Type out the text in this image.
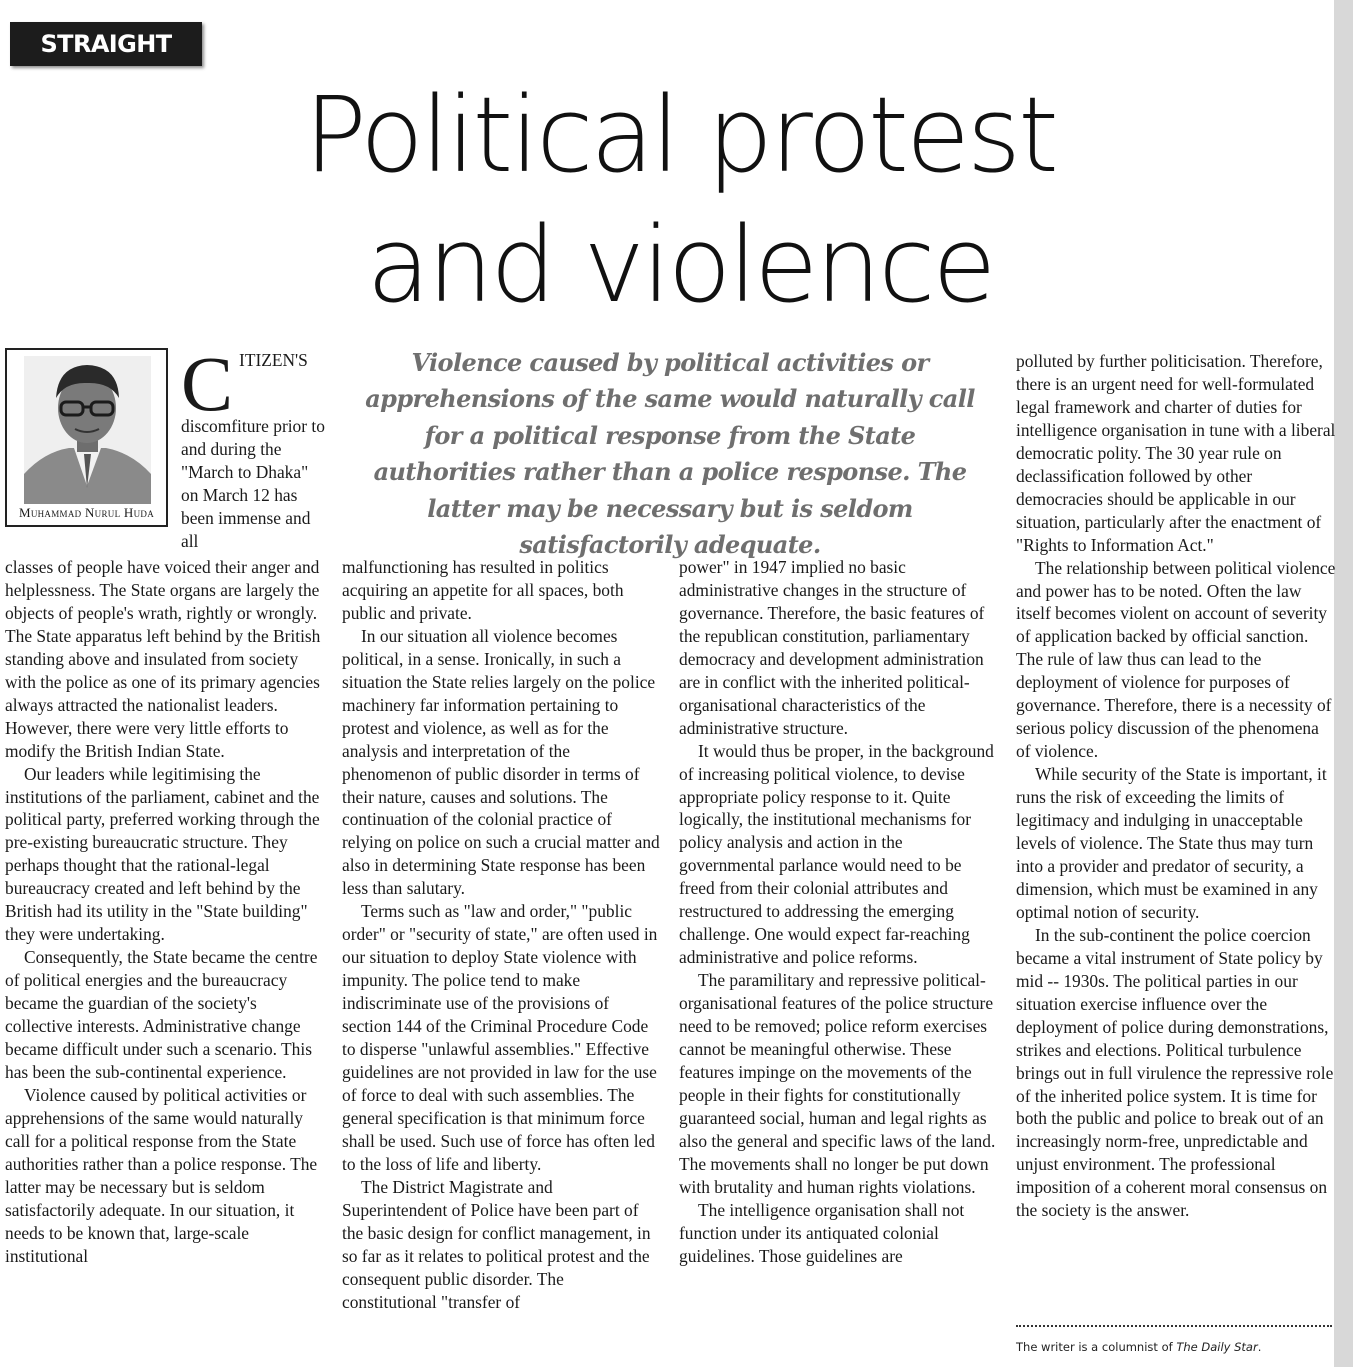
STRAIGHT LINE	Political protest
and violence
Muhammad Nurul Huda
C ITIZEN'S discomfiture prior to and during the "March to Dhaka" on March 12 has been immense and all

Violence caused by political activities or apprehensions of the same would naturally call for a political response from the State authorities rather than a police response. The latter may be necessary but is seldom satisfactorily adequate.

classes of people have voiced their anger and helplessness. The State organs are largely the objects of people's wrath, rightly or wrongly. The State apparatus left behind by the British standing above and insulated from society with the police as one of its primary agencies always attracted the nationalist leaders. However, there were very little efforts to modify the British Indian State.

Our leaders while legitimising the institutions of the parliament, cabinet and the political party, preferred working through the pre-existing bureaucratic structure. They perhaps thought that the rational-legal bureaucracy created and left behind by the British had its utility in the "State building" they were undertaking.

Consequently, the State became the centre of political energies and the bureaucracy became the guardian of the society's collective interests. Administrative change became difficult under such a scenario. This has been the sub-continental experience.

Violence caused by political activities or apprehensions of the same would naturally call for a political response from the State authorities rather than a police response. The latter may be necessary but is seldom satisfactorily adequate. In our situation, it needs to be known that, large-scale institutional

malfunctioning has resulted in politics acquiring an appetite for all spaces, both public and private.

In our situation all violence becomes political, in a sense. Ironically, in such a situation the State relies largely on the police machinery far information pertaining to protest and violence, as well as for the analysis and interpretation of the phenomenon of public disorder in terms of their nature, causes and solutions. The continuation of the colonial practice of relying on police on such a crucial matter and also in determining State response has been less than salutary.

Terms such as "law and order," "public order" or "security of state," are often used in our situation to deploy State violence with impunity. The police tend to make indiscriminate use of the provisions of section 144 of the Criminal Procedure Code to disperse "unlawful assemblies." Effective guidelines are not provided in law for the use of force to deal with such assemblies. The general specification is that minimum force shall be used. Such use of force has often led to the loss of life and liberty.

The District Magistrate and Superintendent of Police have been part of the basic design for conflict management, in so far as it relates to political protest and the consequent public disorder. The constitutional "transfer of

power" in 1947 implied no basic administrative changes in the structure of governance. Therefore, the basic features of the republican constitution, parliamentary democracy and development administration are in conflict with the inherited political-organisational characteristics of the administrative structure.

It would thus be proper, in the background of increasing political violence, to devise appropriate policy response to it. Quite logically, the institutional mechanisms for policy analysis and action in the governmental parlance would need to be freed from their colonial attributes and restructured to addressing the emerging challenge. One would expect far-reaching administrative and police reforms.

The paramilitary and repressive political-organisational features of the police structure need to be removed; police reform exercises cannot be meaningful otherwise. These features impinge on the movements of the people in their fights for constitutionally guaranteed social, human and legal rights as also the general and specific laws of the land. The movements shall no longer be put down with brutality and human rights violations.

The intelligence organisation shall not function under its antiquated colonial guidelines. Those guidelines are

polluted by further politicisation. Therefore, there is an urgent need for well-formulated legal framework and charter of duties for intelligence organisation in tune with a liberal democratic polity. The 30 year rule on declassification followed by other democracies should be applicable in our situation, particularly after the enactment of "Rights to Information Act."

The relationship between political violence and power has to be noted. Often the law itself becomes violent on account of severity of application backed by official sanction. The rule of law thus can lead to the deployment of violence for purposes of governance. Therefore, there is a necessity of serious policy discussion of the phenomena of violence.

While security of the State is important, it runs the risk of exceeding the limits of legitimacy and indulging in unacceptable levels of violence. The State thus may turn into a provider and predator of security, a dimension, which must be examined in any optimal notion of security.

In the sub-continent the police coercion became a vital instrument of State policy by mid -- 1930s. The political parties in our situation exercise influence over the deployment of police during demonstrations, strikes and elections. Political turbulence brings out in full virulence the repressive role of the inherited police system. It is time for both the public and police to break out of an increasingly norm-free, unpredictable and unjust environment. The professional imposition of a coherent moral consensus on the society is the answer.

The writer is a columnist of The Daily Star.
